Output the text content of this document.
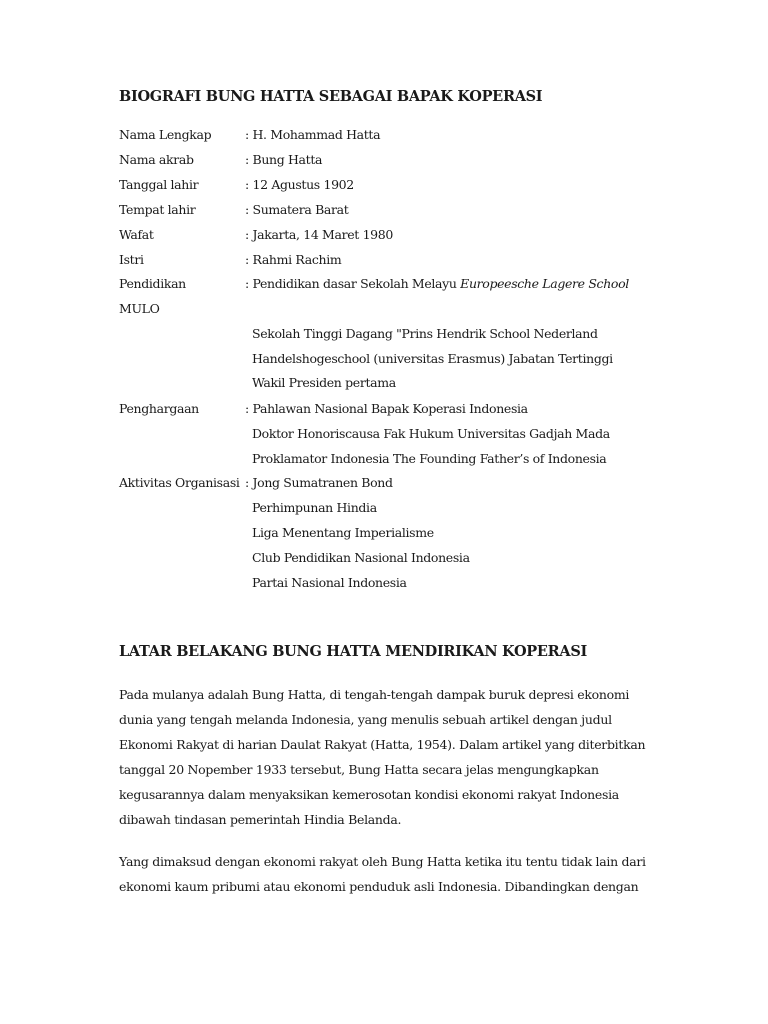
BIOGRAFI BUNG HATTA SEBAGAI BAPAK KOPERASI
Nama Lengkap	: H. Mohammad Hatta
Nama akrab	: Bung Hatta
Tanggal lahir	: 12 Agustus 1902
Tempat lahir	: Sumatera Barat
Wafat	: Jakarta, 14 Maret 1980
Istri	: Rahmi Rachim
Pendidikan	: Pendidikan dasar Sekolah Melayu Europeesche Lagere School
MULO
Sekolah Tinggi Dagang "Prins Hendrik School Nederland
Handelshogeschool (universitas Erasmus) Jabatan Tertinggi
Wakil Presiden pertama
Penghargaan	: Pahlawan Nasional Bapak Koperasi Indonesia
Doktor Honoriscausa Fak Hukum Universitas Gadjah Mada
Proklamator Indonesia The Founding Father’s of Indonesia
Aktivitas Organisasi : Jong Sumatranen Bond
Perhimpunan Hindia
Liga Menentang Imperialisme
Club Pendidikan Nasional Indonesia
Partai Nasional Indonesia
LATAR BELAKANG BUNG HATTA MENDIRIKAN KOPERASI
Pada mulanya adalah Bung Hatta, di tengah-tengah dampak buruk depresi ekonomi
dunia yang tengah melanda Indonesia, yang menulis sebuah artikel dengan judul
Ekonomi Rakyat di harian Daulat Rakyat (Hatta, 1954). Dalam artikel yang diterbitkan
tanggal 20 Nopember 1933 tersebut, Bung Hatta secara jelas mengungkapkan
kegusarannya dalam menyaksikan kemerosotan kondisi ekonomi rakyat Indonesia
dibawah tindasan pemerintah Hindia Belanda.
Yang dimaksud dengan ekonomi rakyat oleh Bung Hatta ketika itu tentu tidak lain dari
ekonomi kaum pribumi atau ekonomi penduduk asli Indonesia. Dibandingkan dengan
